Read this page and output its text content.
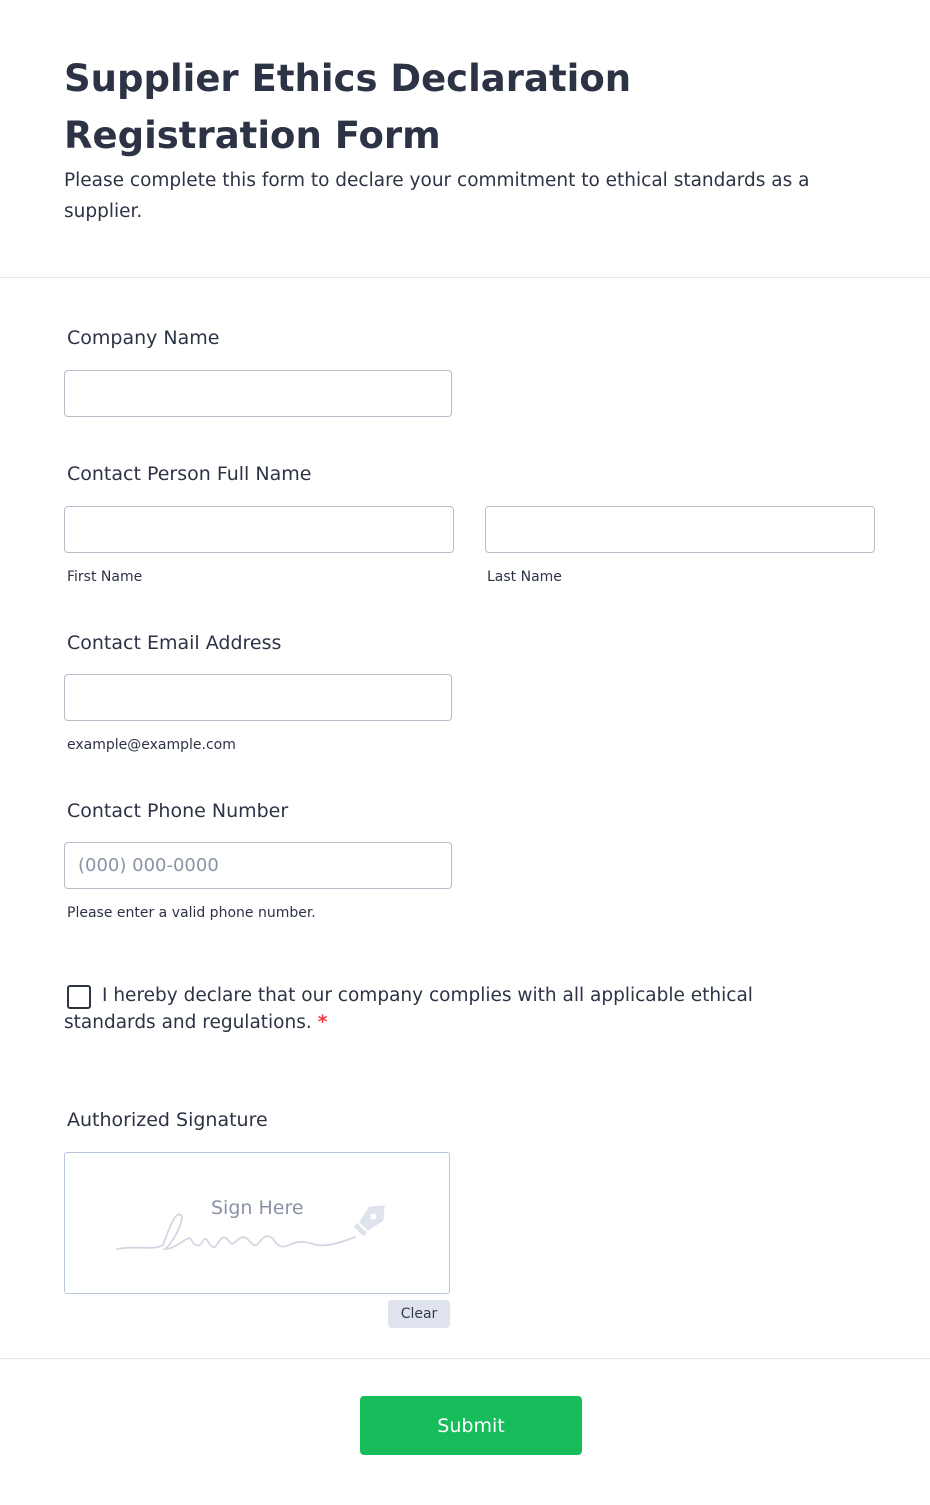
Supplier Ethics Declaration Registration Form

Please complete this form to declare your commitment to ethical standards as a supplier.

Company Name
Contact Person Full Name
First Name	Last Name
Contact Email Address
example@example.com
Contact Phone Number
(000) 000-0000
Please enter a valid phone number.
I hereby declare that our company complies with all applicable ethical standards and regulations. *
Authorized Signature
Sign Here
Clear
Submit
